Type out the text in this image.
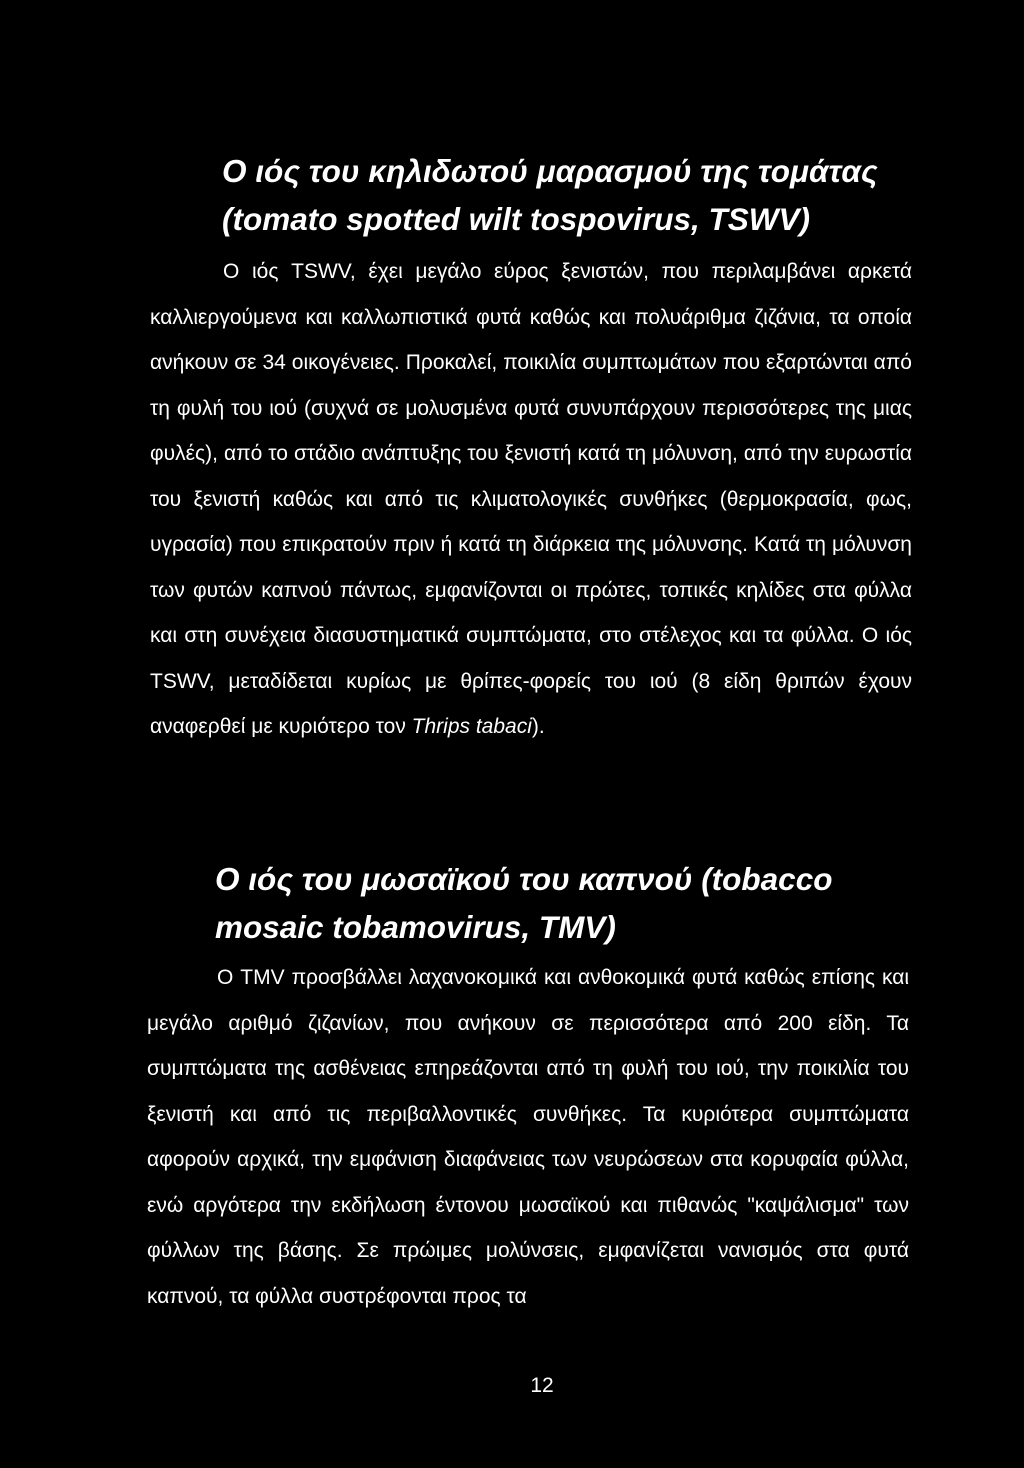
Ο ιός του κηλιδωτού μαρασμού της τομάτας (tomato spotted wilt tospovirus, TSWV)

Ο ιός TSWV, έχει μεγάλο εύρος ξενιστών, που περιλαμβάνει αρκετά καλλιεργούμενα και καλλωπιστικά φυτά καθώς και πολυάριθμα ζιζάνια, τα οποία ανήκουν σε 34 οικογένειες. Προκαλεί, ποικιλία συμπτωμάτων που εξαρτώνται από τη φυλή του ιού (συχνά σε μολυσμένα φυτά συνυπάρχουν περισσότερες της μιας φυλές), από το στάδιο ανάπτυξης του ξενιστή κατά τη μόλυνση, από την ευρωστία του ξενιστή καθώς και από τις κλιματολογικές συνθήκες (θερμοκρασία, φως, υγρασία) που επικρατούν πριν ή κατά τη διάρκεια της μόλυνσης. Κατά τη μόλυνση των φυτών καπνού πάντως, εμφανίζονται οι πρώτες, τοπικές κηλίδες στα φύλλα και στη συνέχεια διασυστηματικά συμπτώματα, στο στέλεχος και τα φύλλα. Ο ιός TSWV, μεταδίδεται κυρίως με θρίπες-φορείς του ιού (8 είδη θριπών έχουν αναφερθεί με κυριότερο τον Thrips tabaci).

Ο ιός του μωσαϊκού του καπνού (tobacco mosaic tobamovirus, TMV)

Ο TMV προσβάλλει λαχανοκομικά και ανθοκομικά φυτά καθώς επίσης και μεγάλο αριθμό ζιζανίων, που ανήκουν σε περισσότερα από 200 είδη. Τα συμπτώματα της ασθένειας επηρεάζονται από τη φυλή του ιού, την ποικιλία του ξενιστή και από τις περιβαλλοντικές συνθήκες. Τα κυριότερα συμπτώματα αφορούν αρχικά, την εμφάνιση διαφάνειας των νευρώσεων στα κορυφαία φύλλα, ενώ αργότερα την εκδήλωση έντονου μωσαϊκού και πιθανώς "καψάλισμα" των φύλλων της βάσης. Σε πρώιμες μολύνσεις, εμφανίζεται νανισμός στα φυτά καπνού, τα φύλλα συστρέφονται προς τα

12
